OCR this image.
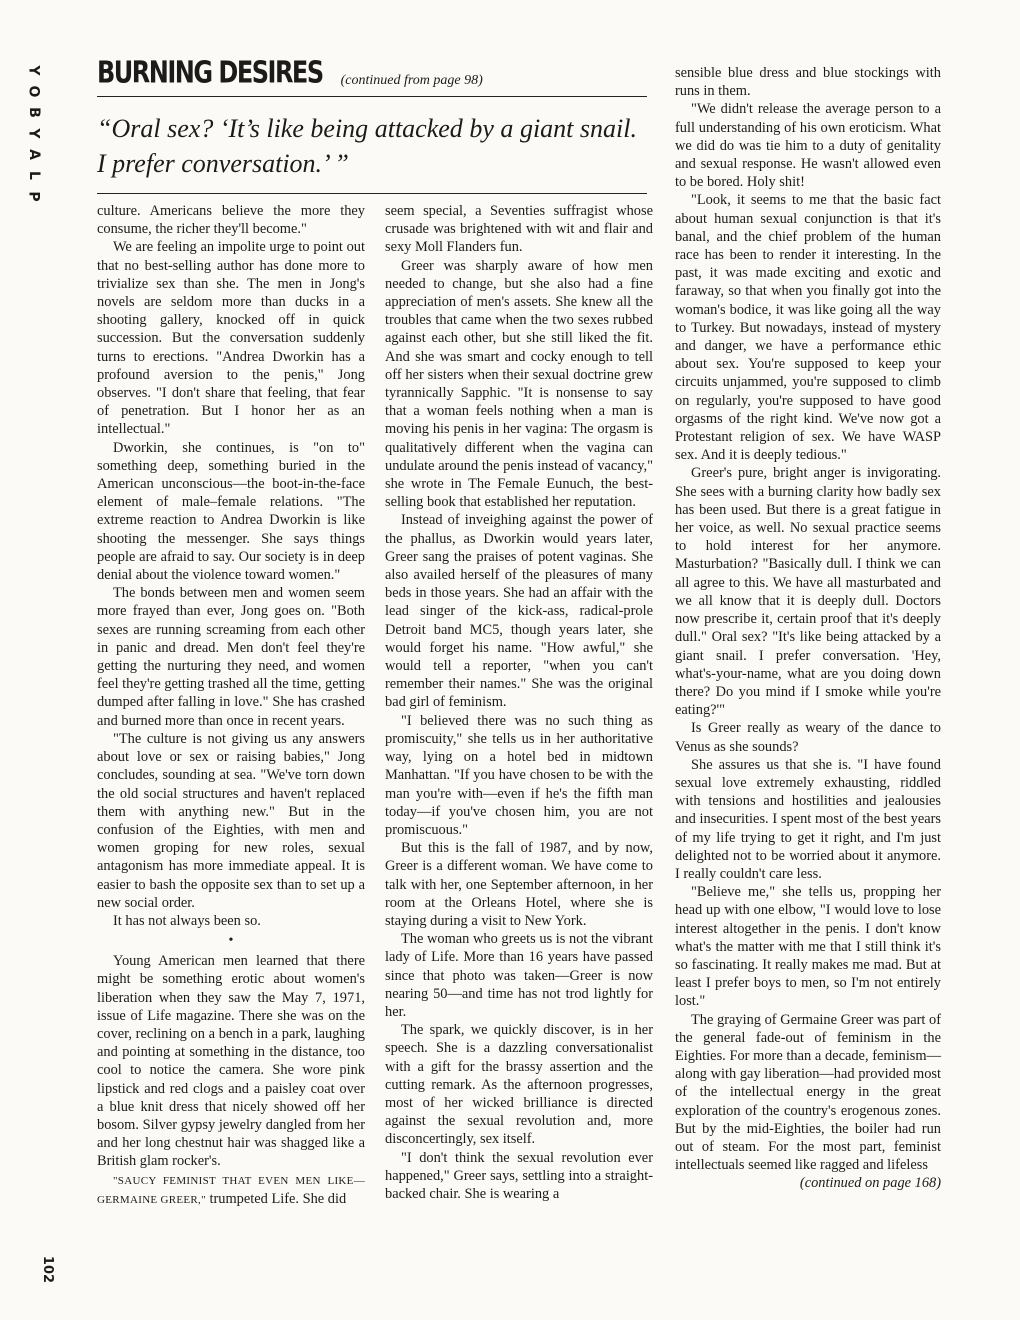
Y
O
B
Y
A
L
P
BURNING DESIRES (continued from page 98)
“Oral sex? ‘It’s like being attacked by a giant snail. I prefer conversation.’ ”

culture. Americans believe the more they consume, the richer they'll become."

We are feeling an impolite urge to point out that no best-selling author has done more to trivialize sex than she. The men in Jong's novels are seldom more than ducks in a shooting gallery, knocked off in quick succession. But the conversation suddenly turns to erections. "Andrea Dworkin has a profound aversion to the penis," Jong observes. "I don't share that feeling, that fear of penetration. But I honor her as an intellectual."

Dworkin, she continues, is "on to" something deep, something buried in the American unconscious—the boot-in-the-face element of male–female relations. "The extreme reaction to Andrea Dworkin is like shooting the messenger. She says things people are afraid to say. Our society is in deep denial about the violence toward women."

The bonds between men and women seem more frayed than ever, Jong goes on. "Both sexes are running screaming from each other in panic and dread. Men don't feel they're getting the nurturing they need, and women feel they're getting trashed all the time, getting dumped after falling in love." She has crashed and burned more than once in recent years.

"The culture is not giving us any answers about love or sex or raising babies," Jong concludes, sounding at sea. "We've torn down the old social structures and haven't replaced them with anything new." But in the confusion of the Eighties, with men and women groping for new roles, sexual antagonism has more immediate appeal. It is easier to bash the opposite sex than to set up a new social order.

It has not always been so.

•

Young American men learned that there might be something erotic about women's liberation when they saw the May 7, 1971, issue of Life magazine. There she was on the cover, reclining on a bench in a park, laughing and pointing at something in the distance, too cool to notice the camera. She wore pink lipstick and red clogs and a paisley coat over a blue knit dress that nicely showed off her bosom. Silver gypsy jewelry dangled from her and her long chestnut hair was shagged like a British glam rocker's.

"SAUCY FEMINIST THAT EVEN MEN LIKE—GERMAINE GREER," trumpeted Life. She did

seem special, a Seventies suffragist whose crusade was brightened with wit and flair and sexy Moll Flanders fun.

Greer was sharply aware of how men needed to change, but she also had a fine appreciation of men's assets. She knew all the troubles that came when the two sexes rubbed against each other, but she still liked the fit. And she was smart and cocky enough to tell off her sisters when their sexual doctrine grew tyrannically Sapphic. "It is nonsense to say that a woman feels nothing when a man is moving his penis in her vagina: The orgasm is qualitatively different when the vagina can undulate around the penis instead of vacancy," she wrote in The Female Eunuch, the best-selling book that established her reputation.

Instead of inveighing against the power of the phallus, as Dworkin would years later, Greer sang the praises of potent vaginas. She also availed herself of the pleasures of many beds in those years. She had an affair with the lead singer of the kick-ass, radical-prole Detroit band MC5, though years later, she would forget his name. "How awful," she would tell a reporter, "when you can't remember their names." She was the original bad girl of feminism.

"I believed there was no such thing as promiscuity," she tells us in her authoritative way, lying on a hotel bed in midtown Manhattan. "If you have chosen to be with the man you're with—even if he's the fifth man today—if you've chosen him, you are not promiscuous."

But this is the fall of 1987, and by now, Greer is a different woman. We have come to talk with her, one September afternoon, in her room at the Orleans Hotel, where she is staying during a visit to New York.

The woman who greets us is not the vibrant lady of Life. More than 16 years have passed since that photo was taken—Greer is now nearing 50—and time has not trod lightly for her.

The spark, we quickly discover, is in her speech. She is a dazzling conversationalist with a gift for the brassy assertion and the cutting remark. As the afternoon progresses, most of her wicked brilliance is directed against the sexual revolution and, more disconcertingly, sex itself.

"I don't think the sexual revolution ever happened," Greer says, settling into a straight-backed chair. She is wearing a

sensible blue dress and blue stockings with runs in them.

"We didn't release the average person to a full understanding of his own eroticism. What we did do was tie him to a duty of genitality and sexual response. He wasn't allowed even to be bored. Holy shit!

"Look, it seems to me that the basic fact about human sexual conjunction is that it's banal, and the chief problem of the human race has been to render it interesting. In the past, it was made exciting and exotic and faraway, so that when you finally got into the woman's bodice, it was like going all the way to Turkey. But nowadays, instead of mystery and danger, we have a performance ethic about sex. You're supposed to keep your circuits unjammed, you're supposed to climb on regularly, you're supposed to have good orgasms of the right kind. We've now got a Protestant religion of sex. We have WASP sex. And it is deeply tedious."

Greer's pure, bright anger is invigorating. She sees with a burning clarity how badly sex has been used. But there is a great fatigue in her voice, as well. No sexual practice seems to hold interest for her anymore. Masturbation? "Basically dull. I think we can all agree to this. We have all masturbated and we all know that it is deeply dull. Doctors now prescribe it, certain proof that it's deeply dull." Oral sex? "It's like being attacked by a giant snail. I prefer conversation. 'Hey, what's-your-name, what are you doing down there? Do you mind if I smoke while you're eating?'"

Is Greer really as weary of the dance to Venus as she sounds?

She assures us that she is. "I have found sexual love extremely exhausting, riddled with tensions and hostilities and jealousies and insecurities. I spent most of the best years of my life trying to get it right, and I'm just delighted not to be worried about it anymore. I really couldn't care less.

"Believe me," she tells us, propping her head up with one elbow, "I would love to lose interest altogether in the penis. I don't know what's the matter with me that I still think it's so fascinating. It really makes me mad. But at least I prefer boys to men, so I'm not entirely lost."

The graying of Germaine Greer was part of the general fade-out of feminism in the Eighties. For more than a decade, feminism—along with gay liberation—had provided most of the intellectual energy in the great exploration of the country's erogenous zones. But by the mid-Eighties, the boiler had run out of steam. For the most part, feminist intellectuals seemed like ragged and lifeless

(continued on page 168)
102
